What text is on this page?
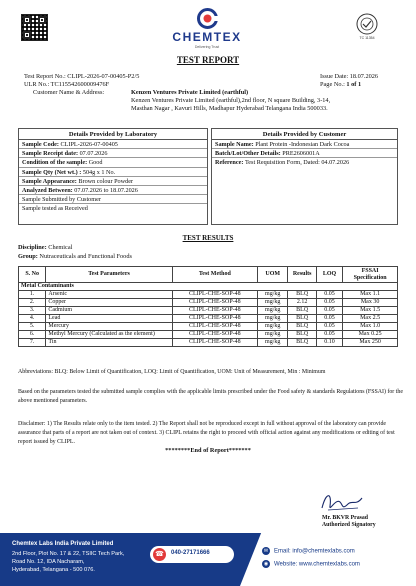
CHEMTEX
Delivering Trust
TC 11354
TEST REPORT
Test Report No.: CLIPL-2026-07-00405-P2/5
ULR No.: TC115542600009476F
Issue Date: 18.07.2026
Page No.: 1 of 1
Customer Name & Address:	Kenzen Ventures Private Limited (earthful)
Kenzen Ventures Private Limited (earthful),2nd floor, N square Building, 3-14,
Masthan Nagar , Kavuri Hills, Madhapur Hyderabad Telangana India 500033.
Details Provided by Laboratory
Sample Code: CLIPL-2026-07-00405
Sample Receipt date: 07.07.2026
Condition of the sample: Good
Sample Qty (Net wt.) : 504g x 1 No.
Sample Appearance: Brown colour Powder
Analyzed Between: 07.07.2026 to 18.07.2026
Sample Submitted by Customer
Sample tested as Received
Details Provided by Customer
Sample Name: Plant Protein -Indonesian Dark Cocoa
Batch/Lot/Other Details: PRE2606001A
Reference: Test Requisition Form, Dated: 04.07.2026
TEST RESULTS
Discipline: Chemical
Group: Nutraceuticals and Functional Foods
S. No	Test Parameters	Test Method	UOM	Results	LOQ	FSSAI Specification
Metal Contaminants						
1.	Arsenic	CLIPL-CHE-SOP-48	mg/kg	BLQ	0.05	Max 1.1
2.	Copper	CLIPL-CHE-SOP-48	mg/kg	2.12	0.05	Max 30
3.	Cadmium	CLIPL-CHE-SOP-48	mg/kg	BLQ	0.05	Max 1.5
4.	Lead	CLIPL-CHE-SOP-48	mg/kg	BLQ	0.05	Max 2.5
5.	Mercury	CLIPL-CHE-SOP-48	mg/kg	BLQ	0.05	Max 1.0
6.	Methyl Mercury (Calculated as the element)	CLIPL-CHE-SOP-48	mg/kg	BLQ	0.05	Max 0.25
7.	Tin	CLIPL-CHE-SOP-48	mg/kg	BLQ	0.10	Max 250
Abbreviations: BLQ: Below Limit of Quantification, LOQ: Limit of Quantification, UOM: Unit of Measurement, Min : Minimum
Based on the parameters tested the submitted sample complies with the applicable limits prescribed under the Food safety & standards Regulations (FSSAI) for the above mentioned parameters.
Disclaimer: 1) The Results relate only to the item tested. 2) The Report shall not be reproduced except in full without approval of the laboratory can provide assurance that parts of a report are not taken out of context. 3) CLIPL retains the right to proceed with official action against any modifications or editing of test report issued by CLIPL.
********End of Report*******
Mr. BKVR Prasad
Authorized Signatory
Chemtex Labs India Private Limited
2nd Floor, Plot No. 17 & 22, TSIIC Tech Park,
Road No. 12, IDA Nacharam,
Hyderabad, Telangana - 500 076.
☎	040-27171666	✉ Email: info@chemtexlabs.com
◉ Website: www.chemtexlabs.com
